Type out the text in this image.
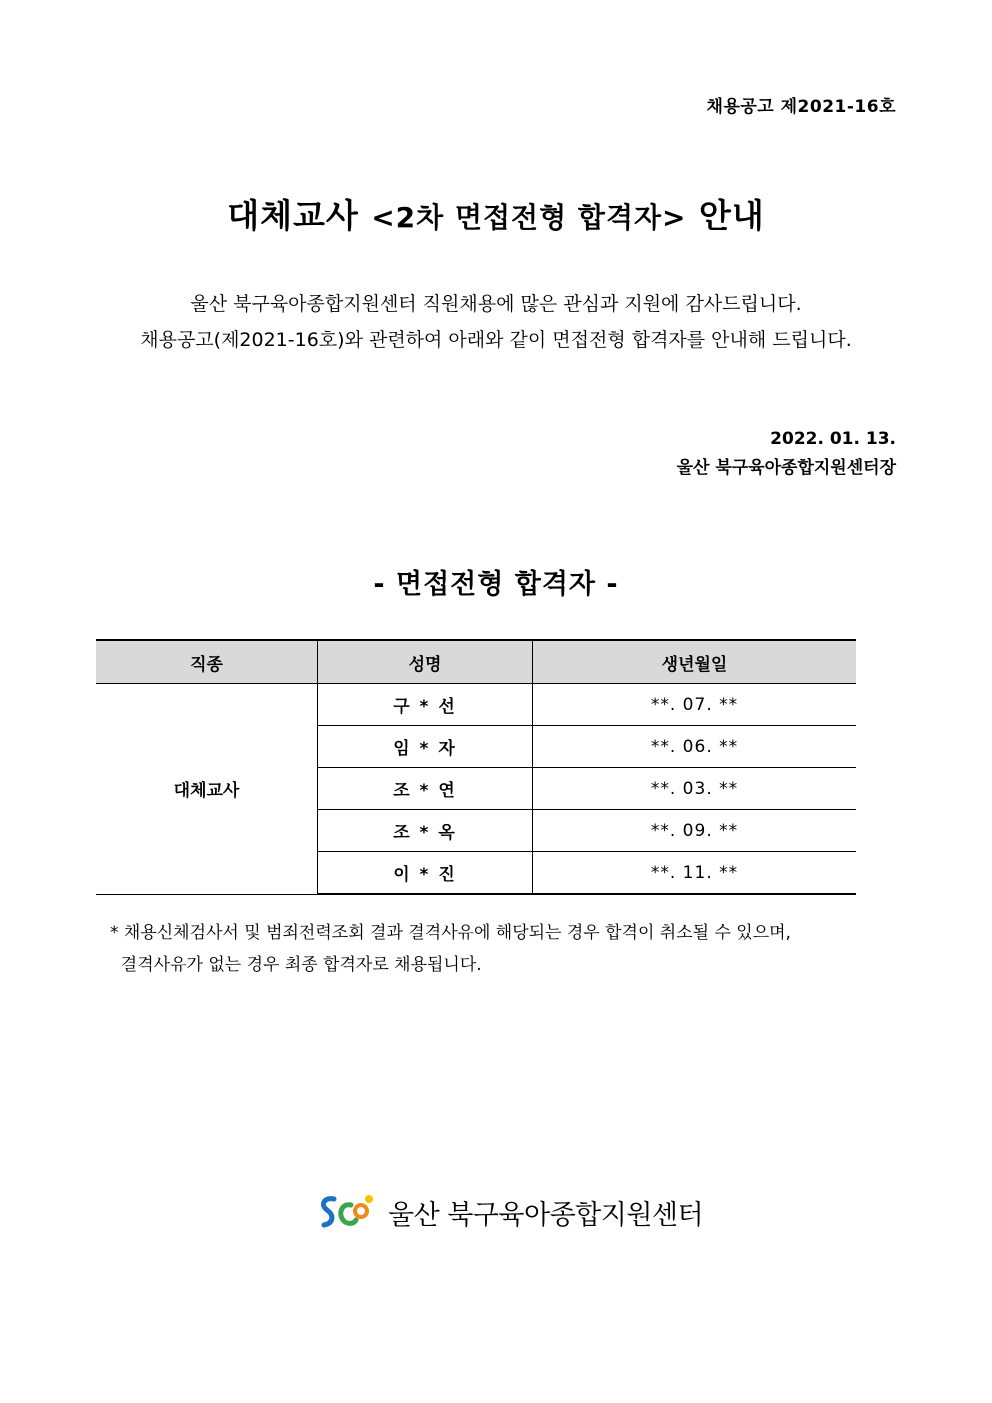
채용공고 제2021-16호
대체교사 <2차 면접전형 합격자> 안내
울산 북구육아종합지원센터 직원채용에 많은 관심과 지원에 감사드립니다.
채용공고(제2021-16호)와 관련하여 아래와 같이 면접전형 합격자를 안내해 드립니다.
2022. 01. 13.
울산 북구육아종합지원센터장
- 면접전형 합격자 -
직종	성명	생년월일
대체교사	구 * 선	**. 07. **
	임 * 자	**. 06. **
	조 * 연	**. 03. **
	조 * 옥	**. 09. **
	이 * 진	**. 11. **
* 채용신체검사서 및 범죄전력조회 결과 결격사유에 해당되는 경우 합격이 취소될 수 있으며,
결격사유가 없는 경우 최종 합격자로 채용됩니다.
울산 북구육아종합지원센터
